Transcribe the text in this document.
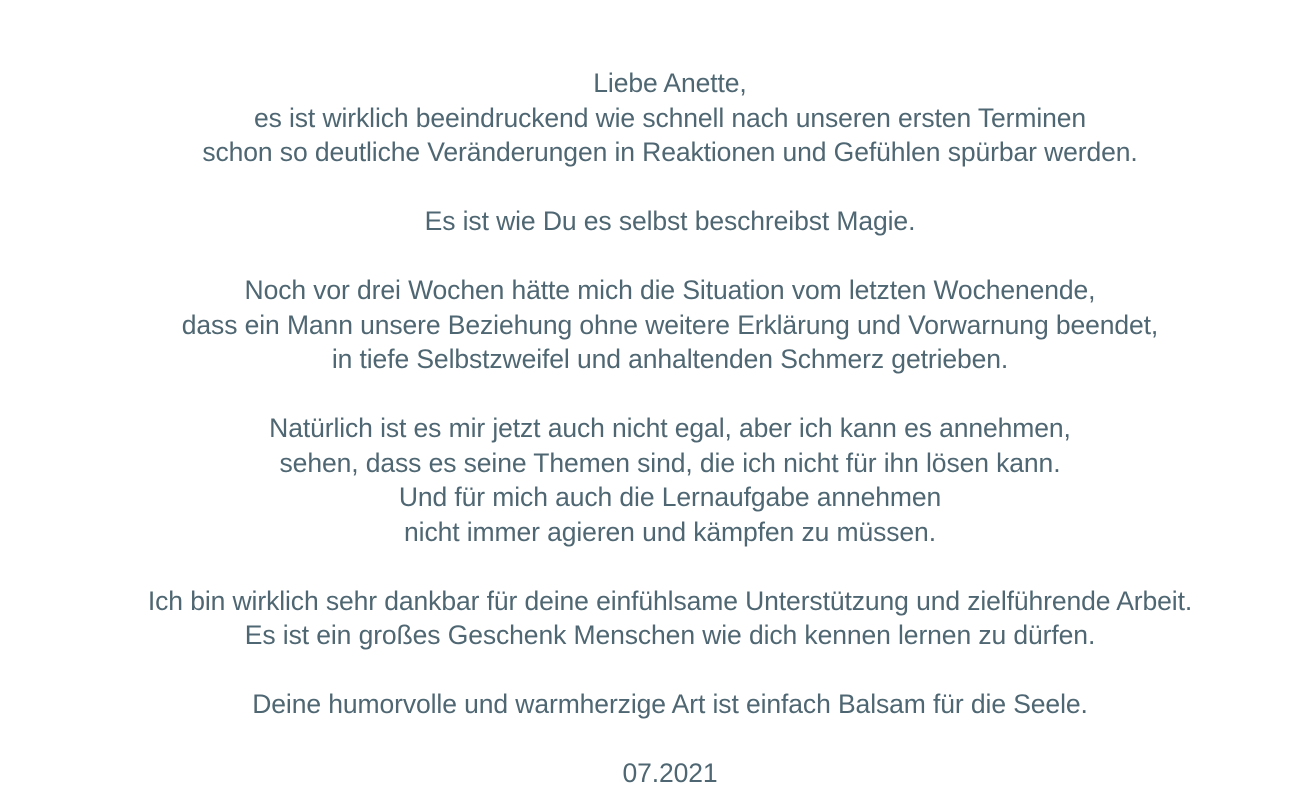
Liebe Anette,
es ist wirklich beeindruckend wie schnell nach unseren ersten Terminen
schon so deutliche Veränderungen in Reaktionen und Gefühlen spürbar werden.

Es ist wie Du es selbst beschreibst Magie.

Noch vor drei Wochen hätte mich die Situation vom letzten Wochenende,
dass ein Mann unsere Beziehung ohne weitere Erklärung und Vorwarnung beendet,
in tiefe Selbstzweifel und anhaltenden Schmerz getrieben.

Natürlich ist es mir jetzt auch nicht egal, aber ich kann es annehmen,
sehen, dass es seine Themen sind, die ich nicht für ihn lösen kann.
Und für mich auch die Lernaufgabe annehmen
nicht immer agieren und kämpfen zu müssen.

Ich bin wirklich sehr dankbar für deine einfühlsame Unterstützung und zielführende Arbeit.
Es ist ein großes Geschenk Menschen wie dich kennen lernen zu dürfen.

Deine humorvolle und warmherzige Art ist einfach Balsam für die Seele.

07.2021
